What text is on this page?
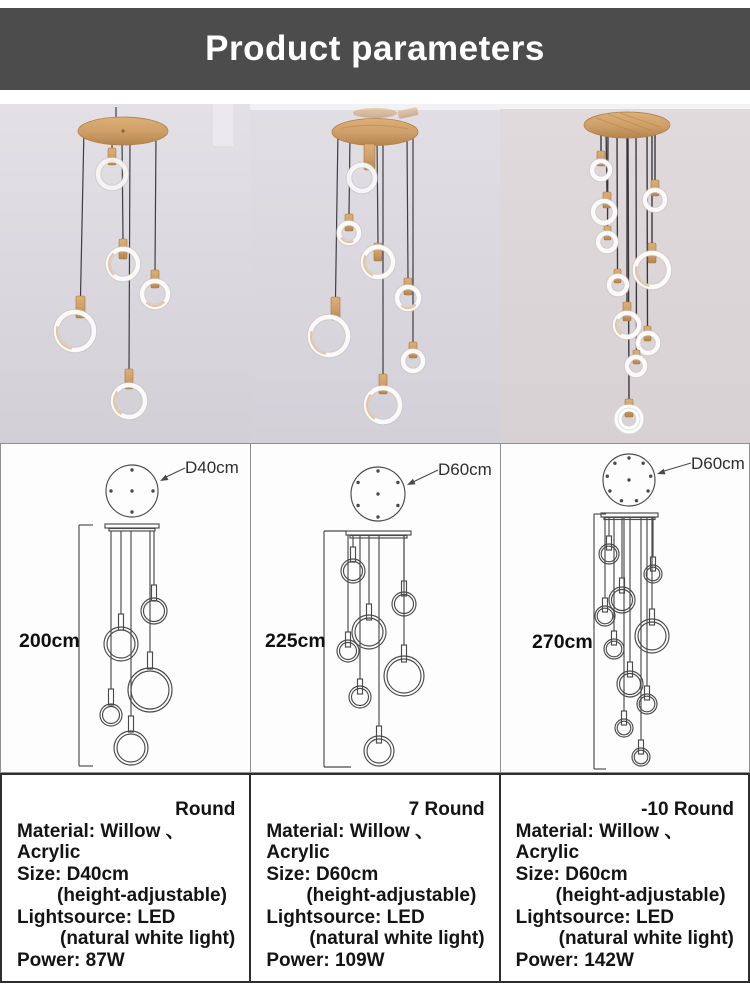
Product parameters
D40cm
200cm
D60cm
225cm
D60cm
270cm
Round
Material: Willow 、 Acrylic
Size: D40cm
(height-adjustable)
Lightsource: LED
(natural white light)
Power: 87W
7 Round
Material: Willow 、 Acrylic
Size: D60cm
(height-adjustable)
Lightsource: LED
(natural white light)
Power: 109W
-10 Round
Material: Willow 、 Acrylic
Size: D60cm
(height-adjustable)
Lightsource: LED
(natural white light)
Power: 142W
